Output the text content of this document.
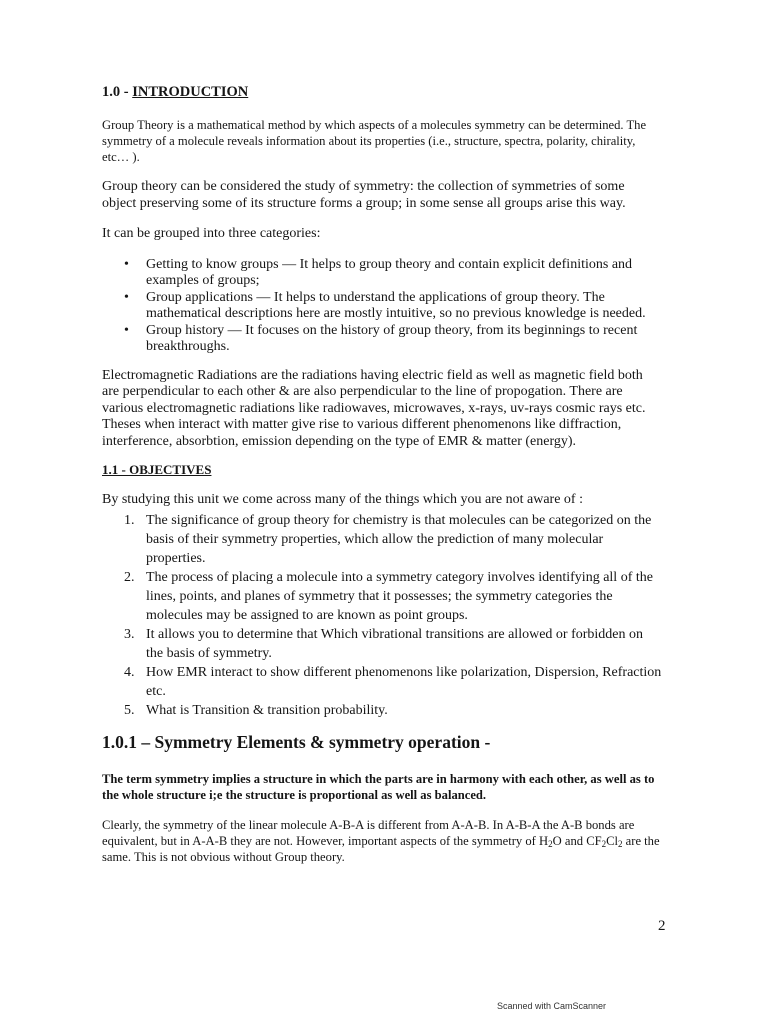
1.0 - INTRODUCTION

Group Theory is a mathematical method by which aspects of a molecules symmetry can be determined. The symmetry of a molecule reveals information about its properties (i.e., structure, spectra, polarity, chirality, etc… ).

Group theory can be considered the study of symmetry: the collection of symmetries of some object preserving some of its structure forms a group; in some sense all groups arise this way.

It can be grouped into three categories:

• Getting to know groups — It helps to group theory and contain explicit definitions and examples of groups;
• Group applications — It helps to understand the applications of group theory. The mathematical descriptions here are mostly intuitive, so no previous knowledge is needed.
• Group history — It focuses on the history of group theory, from its beginnings to recent breakthroughs.

Electromagnetic Radiations are the radiations having electric field as well as magnetic field both are perpendicular to each other & are also perpendicular to the line of propogation. There are various electromagnetic radiations like radiowaves, microwaves, x-rays, uv-rays cosmic rays etc. Theses when interact with matter give rise to various different phenomenons like diffraction, interference, absorbtion, emission depending on the type of EMR & matter (energy).

1.1 - OBJECTIVES

By studying this unit we come across many of the things which you are not aware of :

1. The significance of group theory for chemistry is that molecules can be categorized on the basis of their symmetry properties, which allow the prediction of many molecular properties.
2. The process of placing a molecule into a symmetry category involves identifying all of the lines, points, and planes of symmetry that it possesses; the symmetry categories the molecules may be assigned to are known as point groups.
3. It allows you to determine that Which vibrational transitions are allowed or forbidden on the basis of symmetry.
4. How EMR interact to show different phenomenons like polarization, Dispersion, Refraction etc.
5. What is Transition & transition probability.
1.0.1 – Symmetry Elements & symmetry operation -

The term symmetry implies a structure in which the parts are in harmony with each other, as well as to the whole structure i;e the structure is proportional as well as balanced.

Clearly, the symmetry of the linear molecule A-B-A is different from A-A-B. In A-B-A the A-B bonds are equivalent, but in A-A-B they are not. However, important aspects of the symmetry of $H_2O$ and $CF_2Cl_2$ are the same. This is not obvious without Group theory.

2
Scanned with CamScanner
